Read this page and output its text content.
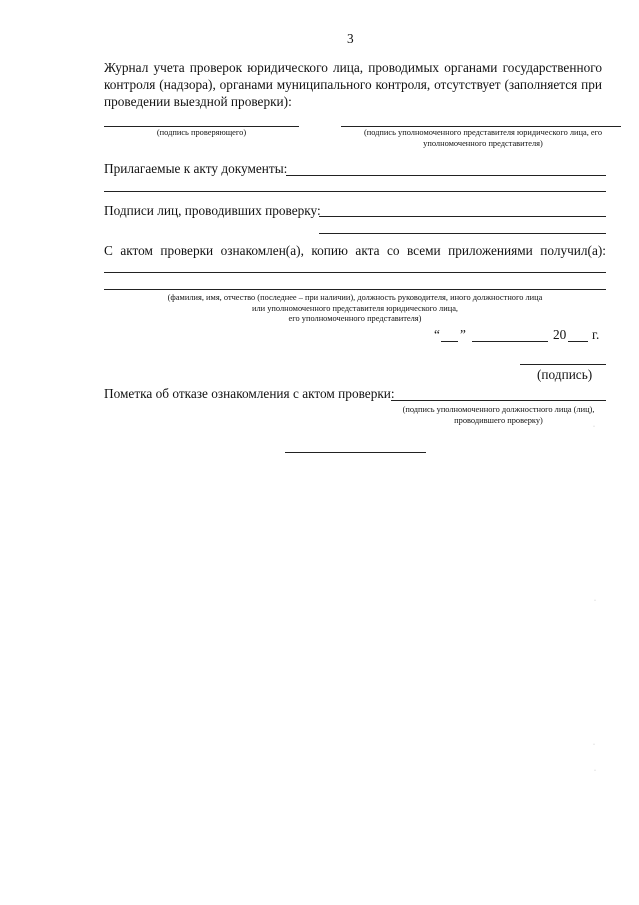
3
Журнал учета проверок юридического лица, проводимых органами государственного контроля (надзора), органами муниципального контроля, отсутствует (заполняется при проведении выездной проверки):
(подпись проверяющего)	(подпись уполномоченного представителя юридического лица, его уполномоченного представителя)
Прилагаемые к акту документы:
Подписи лиц, проводивших проверку:
С актом проверки ознакомлен(а), копию акта со всеми приложениями получил(а):
(фамилия, имя, отчество (последнее – при наличии), должность руководителя, иного должностного лица
или уполномоченного представителя юридического лица,
его уполномоченного представителя)
“ ”	20 г.
(подпись)
Пометка об отказе ознакомления с актом проверки:
(подпись уполномоченного должностного лица (лиц),
проводившего проверку)
·
·
·
·
